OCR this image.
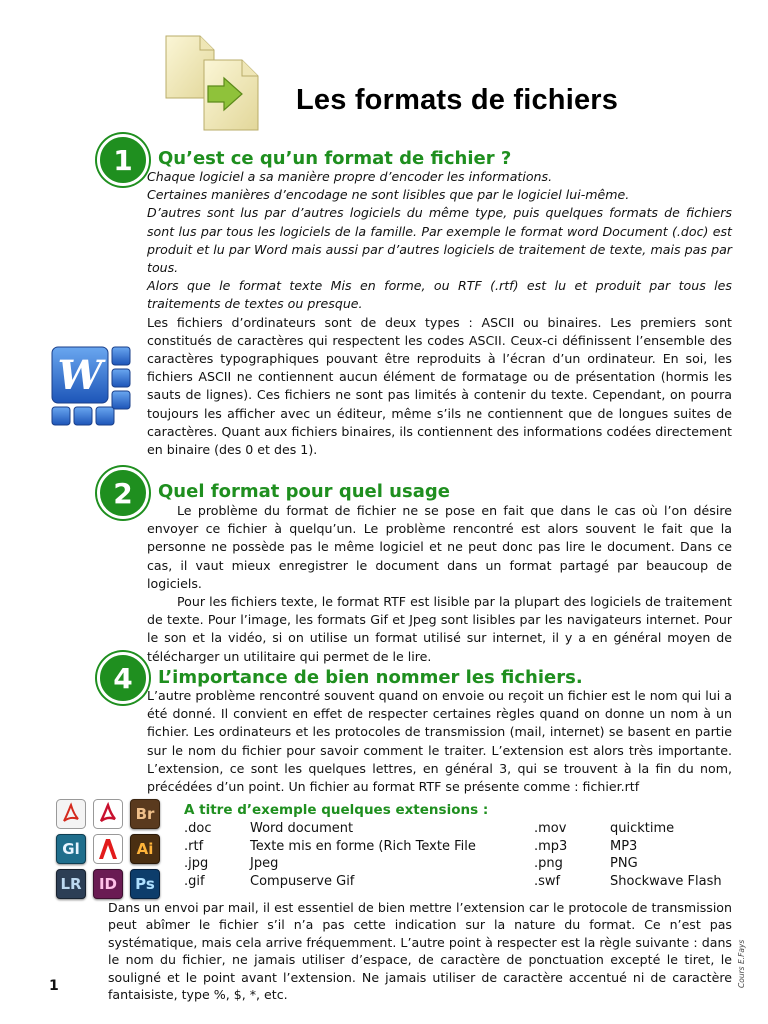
Les formats de fichiers
1	Qu’est ce qu’un format de fichier ?

Chaque logiciel a sa manière propre d’encoder les informations.

Certaines manières d’encodage ne sont lisibles que par le logiciel lui-même.

D’autres sont lus par d’autres logiciels du même type, puis quelques formats de fichiers sont lus par tous les logiciels de la famille. Par exemple le format word Document (.doc) est produit et lu par Word mais aussi par d’autres logiciels de traitement de texte, mais pas par tous.

Alors que le format texte Mis en forme, ou RTF (.rtf) est lu et produit par tous les traitements de textes ou presque.

Les fichiers d’ordinateurs sont de deux types : ASCII ou binaires. Les premiers sont constitués de caractères qui respectent les codes ASCII. Ceux-ci définissent l’ensemble des caractères typographiques pouvant être reproduits à l’écran d’un ordinateur. En soi, les fichiers ASCII ne contiennent aucun élément de formatage ou de présentation (hormis les sauts de lignes). Ces fichiers ne sont pas limités à contenir du texte. Cependant, on pourra toujours les afficher avec un éditeur, même s’ils ne contiennent que de longues suites de caractères. Quant aux fichiers binaires, ils contiennent des informations codées directement en binaire (des 0 et des 1).

W
2	Quel format pour quel usage

Le problème du format de fichier ne se pose en fait que dans le cas où l’on désire envoyer ce fichier à quelqu’un. Le problème rencontré est alors souvent le fait que la personne ne possède pas le même logiciel et ne peut donc pas lire le document. Dans ce cas, il vaut mieux enregistrer le document dans un format partagé par beaucoup de logiciels.

Pour les fichiers texte, le format RTF est lisible par la plupart des logiciels de traitement de texte. Pour l’image, les formats Gif et Jpeg sont lisibles par les navigateurs internet. Pour le son et la vidéo, si on utilise un format utilisé sur internet, il y a en général moyen de télécharger un utilitaire qui permet de le lire.

4	L’importance de bien nommer les fichiers.

L’autre problème rencontré souvent quand on envoie ou reçoit un fichier est le nom qui lui a été donné. Il convient en effet de respecter certaines règles quand on donne un nom à un fichier. Les ordinateurs et les protocoles de transmission (mail, internet) se basent en partie sur le nom du fichier pour savoir comment le traiter. L’extension est alors très importante. L’extension, ce sont les quelques lettres, en général 3, qui se trouvent à la fin du nom, précédées d’un point. Un fichier au format RTF se présente comme : fichier.rtf

Br
Gl	Ai
LR	ID	Ps
A titre d’exemple quelques extensions :
.doc	Word document	.mov	quicktime
.rtf	Texte mis en forme (Rich Texte File	.mp3	MP3
.jpg	Jpeg	.png	PNG
.gif	Compuserve Gif	.swf	Shockwave Flash
Dans un envoi par mail, il est essentiel de bien mettre l’extension car le protocole de transmission peut abîmer le fichier s’il n’a pas cette indication sur la nature du format. Ce n’est pas systématique, mais cela arrive fréquemment. L’autre point à respecter est la règle suivante : dans le nom du fichier, ne jamais utiliser d’espace, de caractère de ponctuation excepté le tiret, le souligné et le point avant l’extension. Ne jamais utiliser de caractère accentué ni de caractère fantaisiste, type %, $, *, etc.
1	Cours E.Fays
